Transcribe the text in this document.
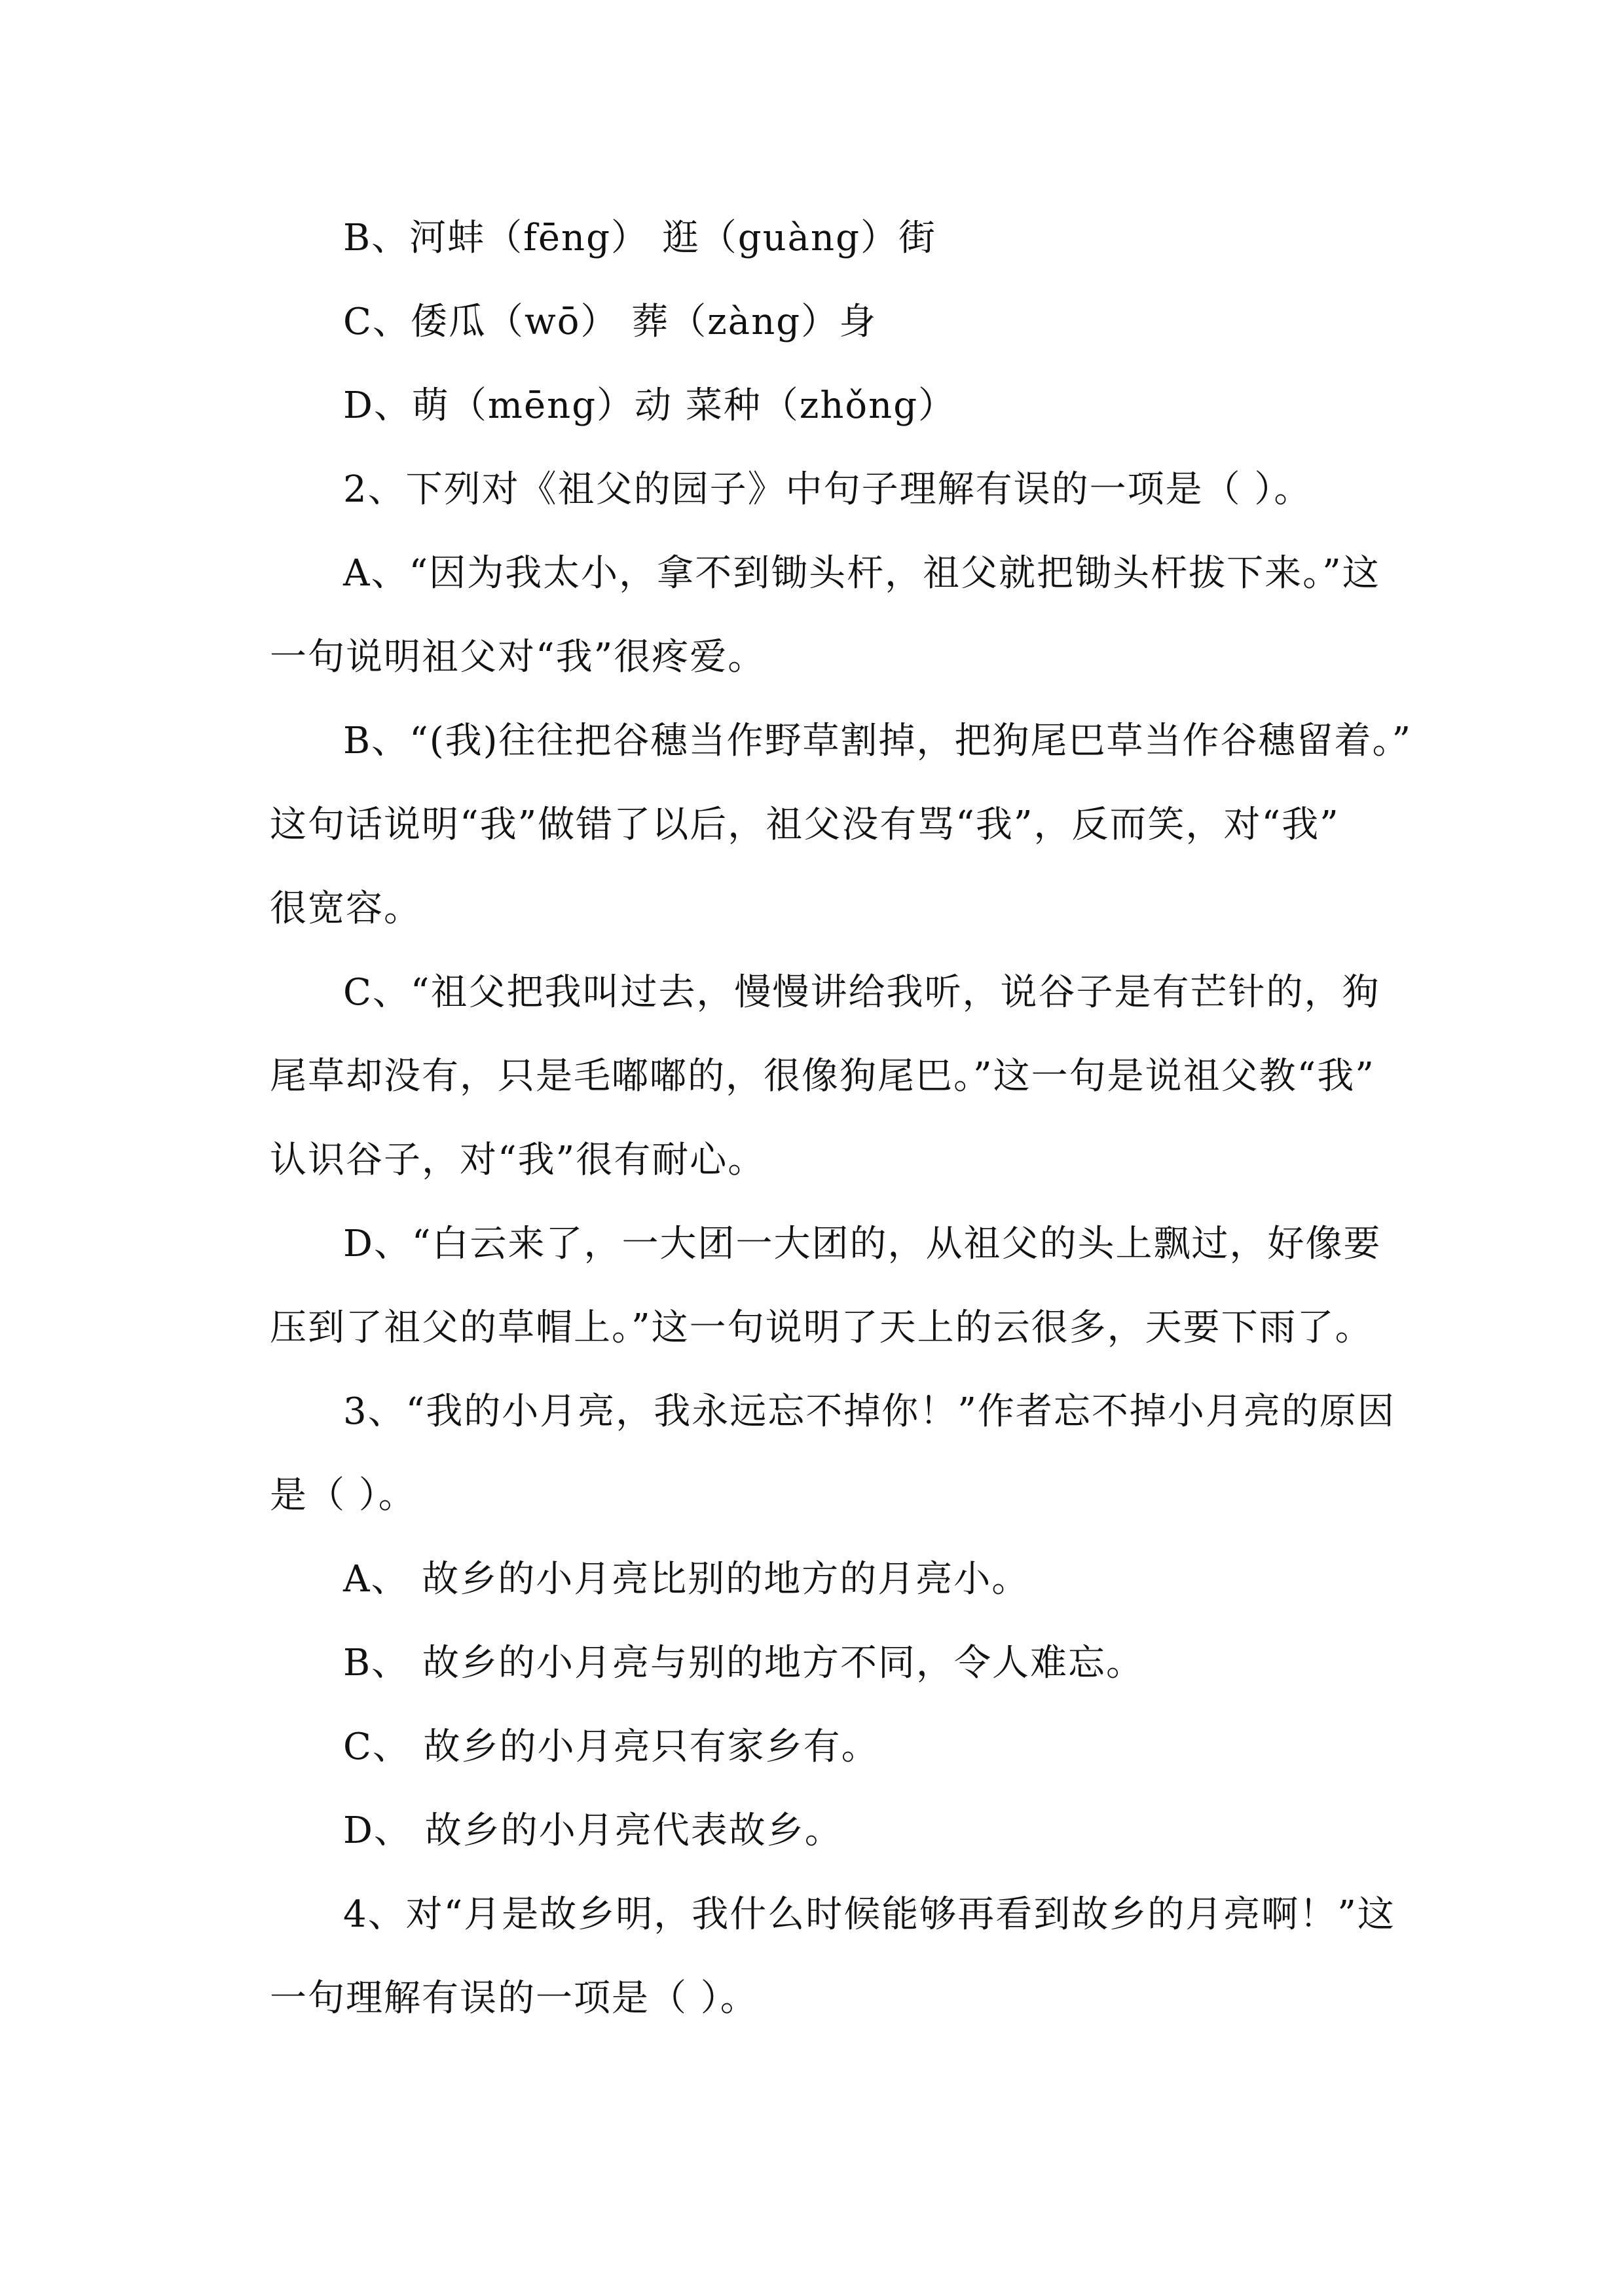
B、河蚌（fēng） 逛（guàng）街
C、倭瓜（wō） 葬（zàng）身
D、萌（mēng）动 菜种（zhǒng）
2、下列对《祖父的园子》中句子理解有误的一项是（ ）。
A、“因为我太小，拿不到锄头杆，祖父就把锄头杆拔下来。”这
一句说明祖父对“我”很疼爱。
B、“(我)往往把谷穗当作野草割掉，把狗尾巴草当作谷穗留着。”
这句话说明“我”做错了以后，祖父没有骂“我”，反而笑，对“我”
很宽容。
C、“祖父把我叫过去，慢慢讲给我听，说谷子是有芒针的，狗
尾草却没有，只是毛嘟嘟的，很像狗尾巴。”这一句是说祖父教“我”
认识谷子，对“我”很有耐心。
D、“白云来了，一大团一大团的，从祖父的头上飘过，好像要
压到了祖父的草帽上。”这一句说明了天上的云很多，天要下雨了。
3、“我的小月亮，我永远忘不掉你！”作者忘不掉小月亮的原因
是（ ）。
A、 故乡的小月亮比别的地方的月亮小。
B、 故乡的小月亮与别的地方不同，令人难忘。
C、 故乡的小月亮只有家乡有。
D、 故乡的小月亮代表故乡。
4、对“月是故乡明，我什么时候能够再看到故乡的月亮啊！”这
一句理解有误的一项是（ ）。
